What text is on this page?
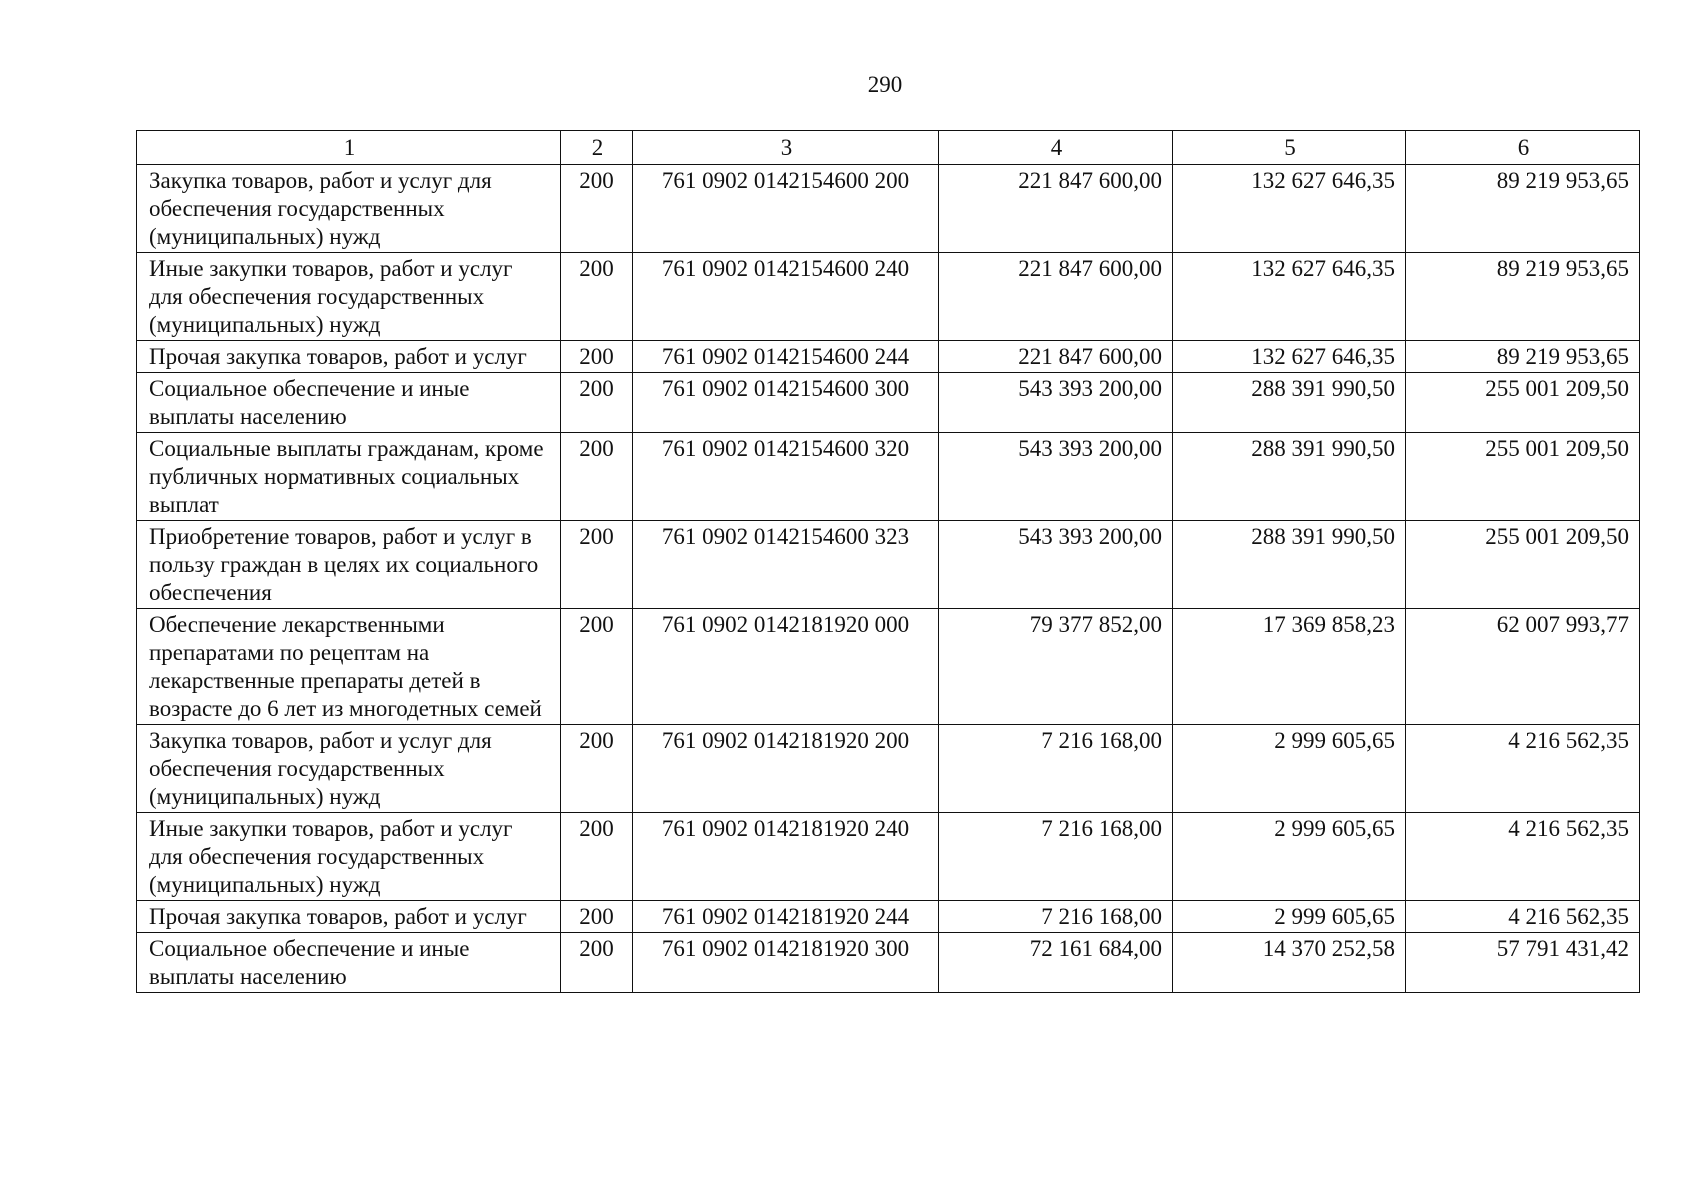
290
1	2	3	4	5	6
Закупка товаров, работ и услуг для обеспечения государственных (муниципальных) нужд	200	761 0902 0142154600 200	221 847 600,00	132 627 646,35	89 219 953,65
Иные закупки товаров, работ и услуг для обеспечения государственных (муниципальных) нужд	200	761 0902 0142154600 240	221 847 600,00	132 627 646,35	89 219 953,65
Прочая закупка товаров, работ и услуг	200	761 0902 0142154600 244	221 847 600,00	132 627 646,35	89 219 953,65
Социальное обеспечение и иные выплаты населению	200	761 0902 0142154600 300	543 393 200,00	288 391 990,50	255 001 209,50
Социальные выплаты гражданам, кроме публичных нормативных социальных выплат	200	761 0902 0142154600 320	543 393 200,00	288 391 990,50	255 001 209,50
Приобретение товаров, работ и услуг в пользу граждан в целях их социального обеспечения	200	761 0902 0142154600 323	543 393 200,00	288 391 990,50	255 001 209,50
Обеспечение лекарственными препаратами по рецептам на лекарственные препараты детей в возрасте до 6 лет из многодетных семей	200	761 0902 0142181920 000	79 377 852,00	17 369 858,23	62 007 993,77
Закупка товаров, работ и услуг для обеспечения государственных (муниципальных) нужд	200	761 0902 0142181920 200	7 216 168,00	2 999 605,65	4 216 562,35
Иные закупки товаров, работ и услуг для обеспечения государственных (муниципальных) нужд	200	761 0902 0142181920 240	7 216 168,00	2 999 605,65	4 216 562,35
Прочая закупка товаров, работ и услуг	200	761 0902 0142181920 244	7 216 168,00	2 999 605,65	4 216 562,35
Социальное обеспечение и иные выплаты населению	200	761 0902 0142181920 300	72 161 684,00	14 370 252,58	57 791 431,42
